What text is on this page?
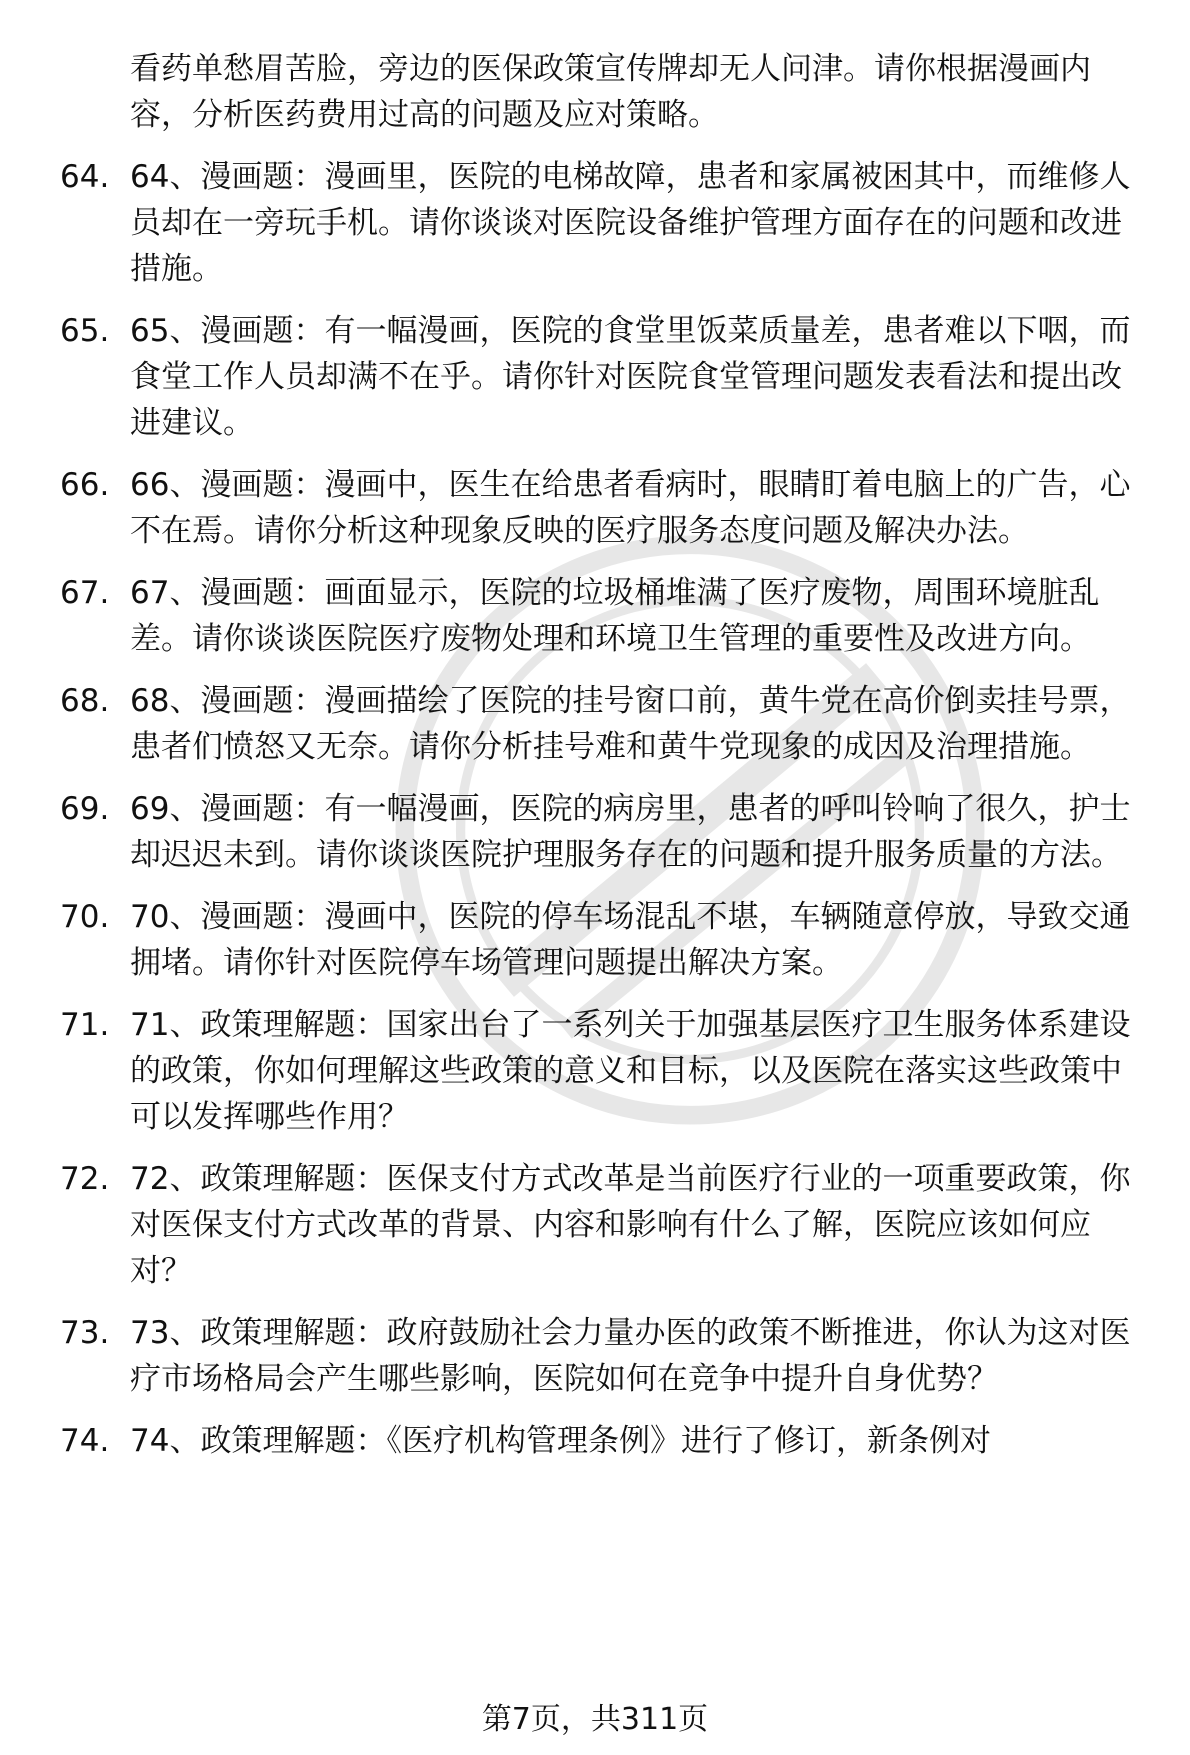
看药单愁眉苦脸，旁边的医保政策宣传牌却无人问津。请你根据漫画内容，分析医药费用过高的问题及应对策略。
64. 64、漫画题：漫画里，医院的电梯故障，患者和家属被困其中，而维修人员却在一旁玩手机。请你谈谈对医院设备维护管理方面存在的问题和改进措施。
65. 65、漫画题：有一幅漫画，医院的食堂里饭菜质量差，患者难以下咽，而食堂工作人员却满不在乎。请你针对医院食堂管理问题发表看法和提出改进建议。
66. 66、漫画题：漫画中，医生在给患者看病时，眼睛盯着电脑上的广告，心不在焉。请你分析这种现象反映的医疗服务态度问题及解决办法。
67. 67、漫画题：画面显示，医院的垃圾桶堆满了医疗废物，周围环境脏乱差。请你谈谈医院医疗废物处理和环境卫生管理的重要性及改进方向。
68. 68、漫画题：漫画描绘了医院的挂号窗口前，黄牛党在高价倒卖挂号票，患者们愤怒又无奈。请你分析挂号难和黄牛党现象的成因及治理措施。
69. 69、漫画题：有一幅漫画，医院的病房里，患者的呼叫铃响了很久，护士却迟迟未到。请你谈谈医院护理服务存在的问题和提升服务质量的方法。
70. 70、漫画题：漫画中，医院的停车场混乱不堪，车辆随意停放，导致交通拥堵。请你针对医院停车场管理问题提出解决方案。
71. 71、政策理解题：国家出台了一系列关于加强基层医疗卫生服务体系建设的政策，你如何理解这些政策的意义和目标，以及医院在落实这些政策中可以发挥哪些作用？
72. 72、政策理解题：医保支付方式改革是当前医疗行业的一项重要政策，你对医保支付方式改革的背景、内容和影响有什么了解，医院应该如何应对？
73. 73、政策理解题：政府鼓励社会力量办医的政策不断推进，你认为这对医疗市场格局会产生哪些影响，医院如何在竞争中提升自身优势？
74. 74、政策理解题：《医疗机构管理条例》进行了修订，新条例对
第7页，共311页
